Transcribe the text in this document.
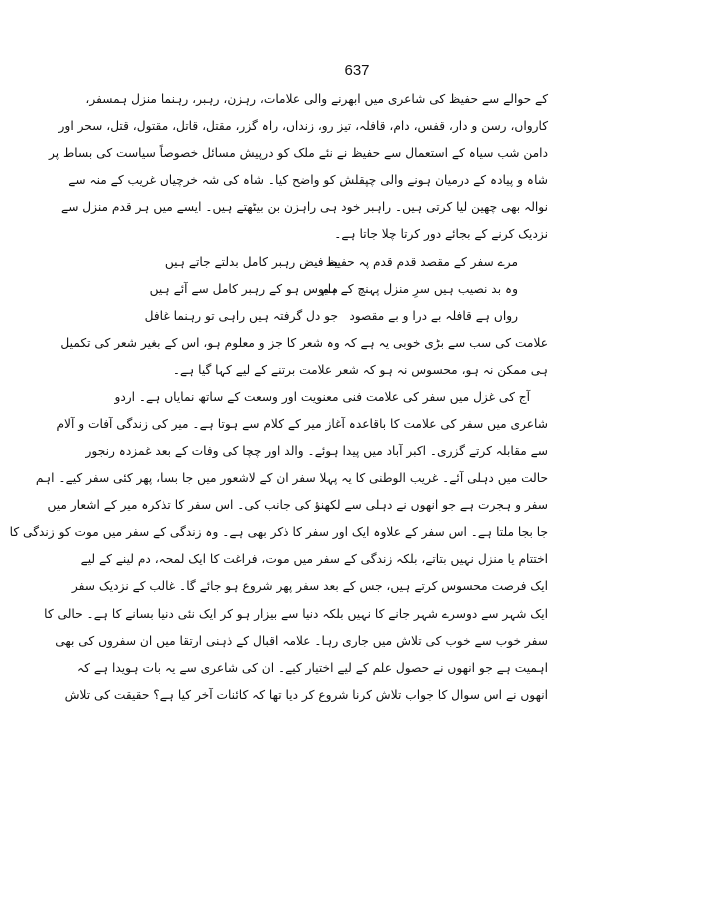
637
کے حوالے سے حفیظ کی شاعری میں ابھرنے والی علامات، رہزن، رہبر، رہنما منزل ہمسفر،
کارواں، رسن و دار، قفس، دام، قافلہ، تیز رو، زنداں، راہ گزر، مقتل، قاتل، مقتول، قتل، سحر اور
دامن شب سیاہ کے استعمال سے حفیظ نے نئے ملک کو درپیش مسائل خصوصاً سیاست کی بساط پر
شاہ و پیادہ کے درمیان ہونے والی چپقلش کو واضح کیا۔ شاہ کی شہ خرچیاں غریب کے منہ سے
نوالہ بھی چھین لیا کرتی ہیں۔ راہبر خود ہی راہزن بن بیٹھتے ہیں۔ ایسے میں ہر قدم منزل سے
نزدیک کرنے کے بجائے دور کرتا چلا جاتا ہے۔
مرے سفر کے مقصد قدم قدم پہ حفیظ
یہ فیض رہبر کامل بدلتے جاتے ہیں
وہ بد نصیب ہیں سرِ منزل پہنچ کے ہم
مایوس ہو کے رہبر کامل سے آئے ہیں
رواں ہے قافلہ بے درا و بے مقصود
جو دل گرفتہ ہیں راہی تو رہنما غافل
علامت کی سب سے بڑی خوبی یہ ہے کہ وہ شعر کا جز و معلوم ہو، اس کے بغیر شعر کی تکمیل
ہی ممکن نہ ہو، محسوس نہ ہو کہ شعر علامت برتنے کے لیے کہا گیا ہے۔
آج کی غزل میں سفر کی علامت فنی معنویت اور وسعت کے ساتھ نمایاں ہے۔ اردو
شاعری میں سفر کی علامت کا باقاعدہ آغاز میر کے کلام سے ہوتا ہے۔ میر کی زندگی آفات و آلام
سے مقابلہ کرتے گزری۔ اکبر آباد میں پیدا ہوئے۔ والد اور چچا کی وفات کے بعد غمزدہ رنجور
حالت میں دہلی آئے۔ غریب الوطنی کا یہ پہلا سفر ان کے لاشعور میں جا بسا، پھر کئی سفر کیے۔ اہم
سفر و ہجرت ہے جو انھوں نے دہلی سے لکھنؤ کی جانب کی۔ اس سفر کا تذکرہ میر کے اشعار میں
جا بجا ملتا ہے۔ اس سفر کے علاوہ ایک اور سفر کا ذکر بھی ہے۔ وہ زندگی کے سفر میں موت کو زندگی کا
اختتام یا منزل نہیں بتاتے، بلکہ زندگی کے سفر میں موت، فراغت کا ایک لمحہ، دم لینے کے لیے
ایک فرصت محسوس کرتے ہیں، جس کے بعد سفر پھر شروع ہو جائے گا۔ غالب کے نزدیک سفر
ایک شہر سے دوسرے شہر جانے کا نہیں بلکہ دنیا سے بیزار ہو کر ایک نئی دنیا بسانے کا ہے۔ حالی کا
سفر خوب سے خوب کی تلاش میں جاری رہا۔ علامہ اقبال کے ذہنی ارتقا میں ان سفروں کی بھی
اہمیت ہے جو انھوں نے حصول علم کے لیے اختیار کیے۔ ان کی شاعری سے یہ بات ہویدا ہے کہ
انھوں نے اس سوال کا جواب تلاش کرنا شروع کر دیا تھا کہ کائنات آخر کیا ہے؟ حقیقت کی تلاش
